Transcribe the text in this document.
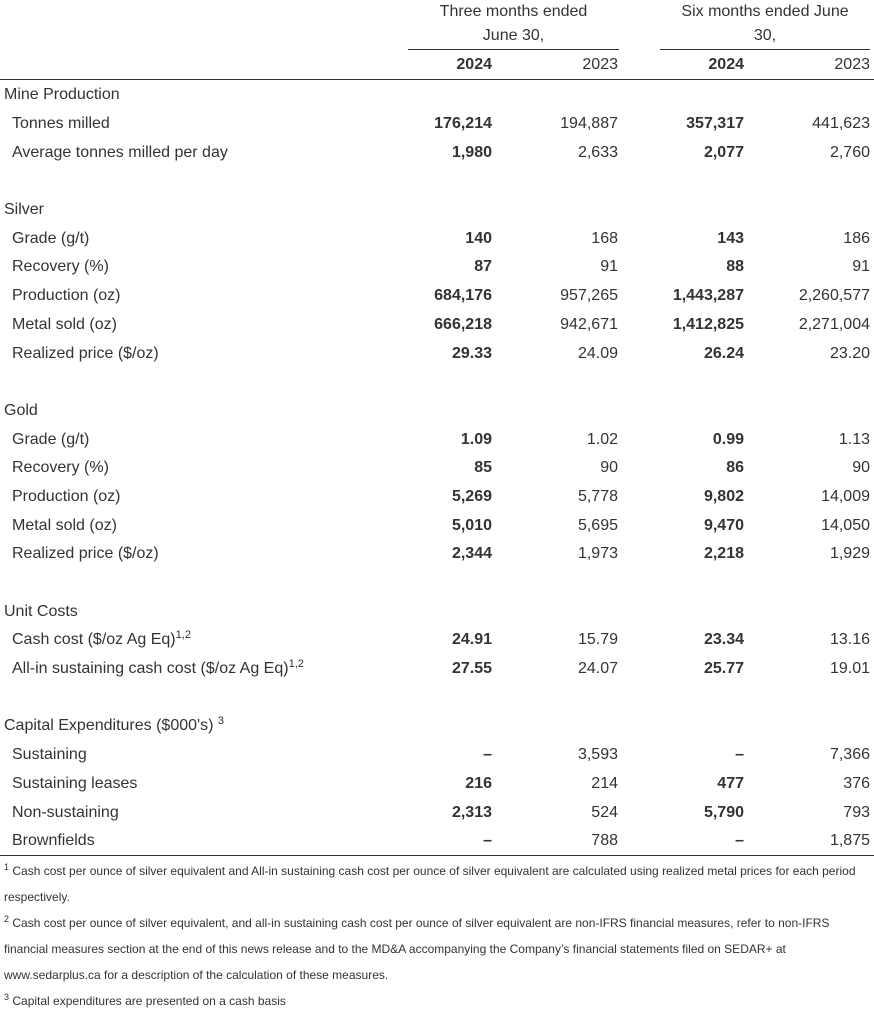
Three months ended
June 30,
Six months ended June
30,
2024	2023	2024	2023
Mine Production				
Tonnes milled	176,214	194,887	357,317	441,623
Average tonnes milled per day	1,980	2,633	2,077	2,760

Silver				
Grade (g/t)	140	168	143	186
Recovery (%)	87	91	88	91
Production (oz)	684,176	957,265	1,443,287	2,260,577
Metal sold (oz)	666,218	942,671	1,412,825	2,271,004
Realized price ($/oz)	29.33	24.09	26.24	23.20

Gold				
Grade (g/t)	1.09	1.02	0.99	1.13
Recovery (%)	85	90	86	90
Production (oz)	5,269	5,778	9,802	14,009
Metal sold (oz)	5,010	5,695	9,470	14,050
Realized price ($/oz)	2,344	1,973	2,218	1,929

Unit Costs				
Cash cost ($/oz Ag Eq)$^{1,2}$	24.91	15.79	23.34	13.16
All-in sustaining cash cost ($/oz Ag Eq)$^{1,2}$	27.55	24.07	25.77	19.01

Capital Expenditures ($000's) $^3$
Sustaining	–	3,593	–	7,366
Sustaining leases	216	214	477	376
Non-sustaining	2,313	524	5,790	793
Brownfields	–	788	–	1,875
$^1$ Cash cost per ounce of silver equivalent and All-in sustaining cash cost per ounce of silver equivalent are calculated using realized metal prices for each period respectively.
$^2$ Cash cost per ounce of silver equivalent, and all-in sustaining cash cost per ounce of silver equivalent are non-IFRS financial measures, refer to non-IFRS financial measures section at the end of this news release and to the MD&A accompanying the Company’s financial statements filed on SEDAR+ at www.sedarplus.ca for a description of the calculation of these measures.
$^3$ Capital expenditures are presented on a cash basis
